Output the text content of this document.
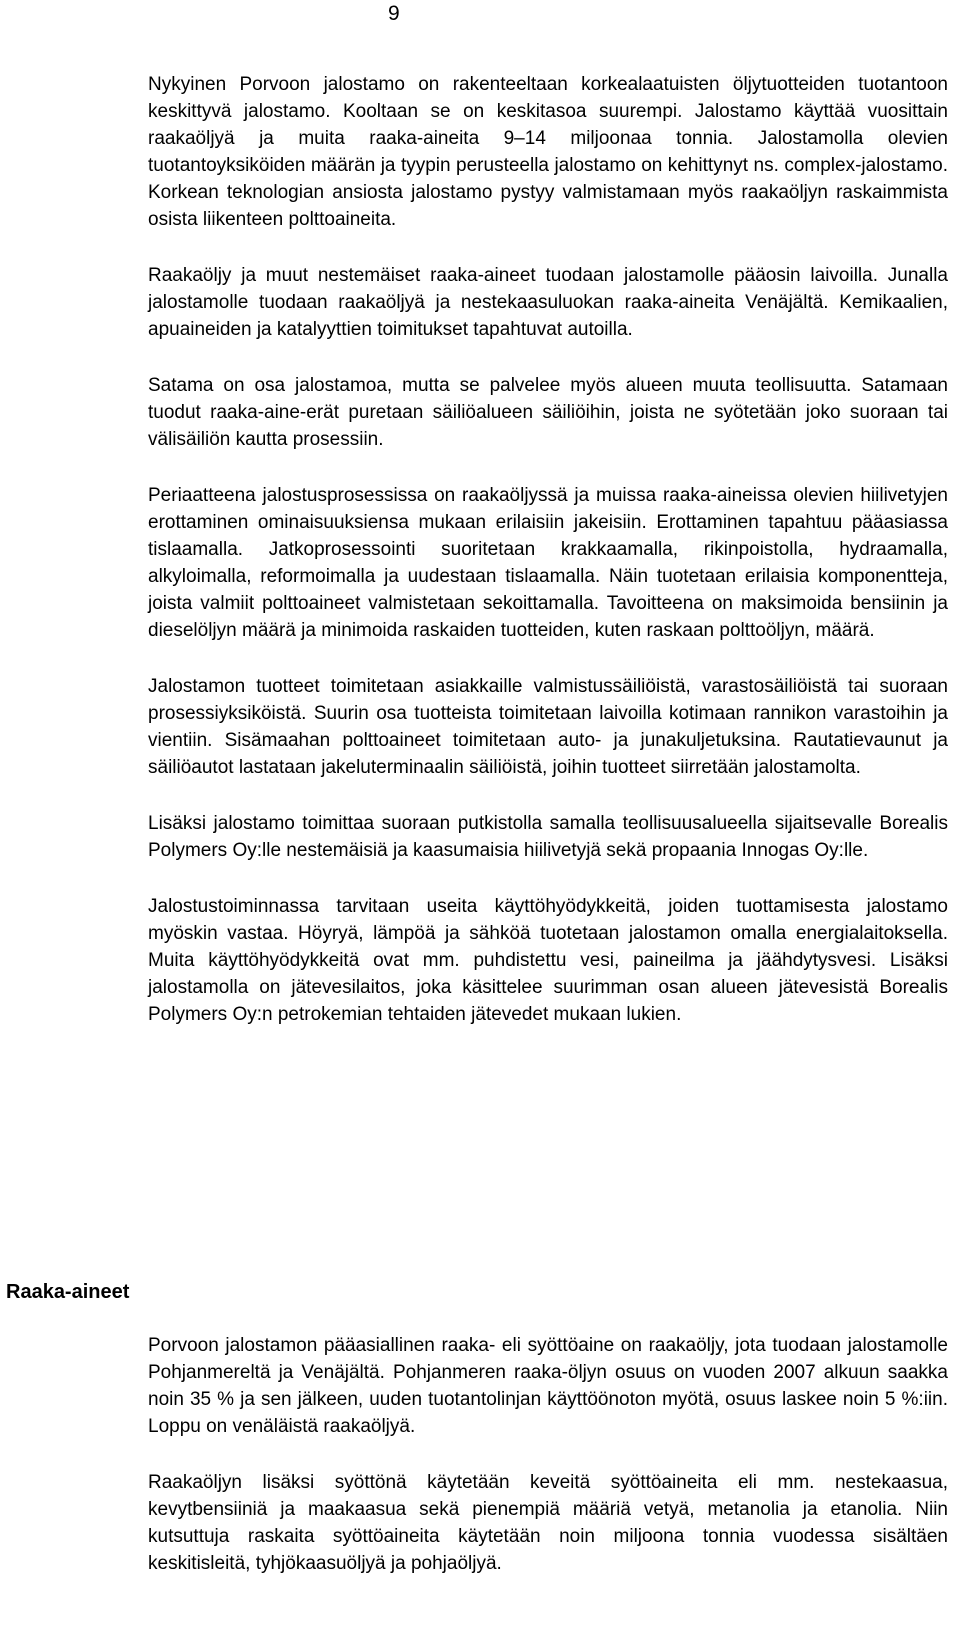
9

Nykyinen Porvoon jalostamo on rakenteeltaan korkealaatuisten öljytuotteiden tuotantoon keskittyvä jalostamo. Kooltaan se on keskitasoa suurempi. Jalostamo käyttää vuosittain raakaöljyä ja muita raaka-aineita 9–14 miljoonaa tonnia. Jalostamolla olevien tuotantoyksiköiden määrän ja tyypin perusteella jalostamo on kehittynyt ns. complex-jalostamo. Korkean teknologian ansiosta jalostamo pystyy valmistamaan myös raakaöljyn raskaimmista osista liikenteen polttoaineita.

Raakaöljy ja muut nestemäiset raaka-aineet tuodaan jalostamolle pääosin laivoilla. Junalla jalostamolle tuodaan raakaöljyä ja nestekaasuluokan raaka-aineita Venäjältä. Kemikaalien, apuaineiden ja katalyyttien toimitukset tapahtuvat autoilla.

Satama on osa jalostamoa, mutta se palvelee myös alueen muuta teollisuutta. Satamaan tuodut raaka-aine-erät puretaan säiliöalueen säiliöihin, joista ne syötetään joko suoraan tai välisäiliön kautta prosessiin.

Periaatteena jalostusprosessissa on raakaöljyssä ja muissa raaka-aineissa olevien hiilivetyjen erottaminen ominaisuuksiensa mukaan erilaisiin jakeisiin. Erottaminen tapahtuu pääasiassa tislaamalla. Jatkoprosessointi suoritetaan krakkaamalla, rikinpoistolla, hydraamalla, alkyloimalla, reformoimalla ja uudestaan tislaamalla. Näin tuotetaan erilaisia komponentteja, joista valmiit polttoaineet valmistetaan sekoittamalla. Tavoitteena on maksimoida bensiinin ja dieselöljyn määrä ja minimoida raskaiden tuotteiden, kuten raskaan polttoöljyn, määrä.

Jalostamon tuotteet toimitetaan asiakkaille valmistussäiliöistä, varastosäiliöistä tai suoraan prosessiyksiköistä. Suurin osa tuotteista toimitetaan laivoilla kotimaan rannikon varastoihin ja vientiin. Sisämaahan polttoaineet toimitetaan auto- ja junakuljetuksina. Rautatievaunut ja säiliöautot lastataan jakeluterminaalin säiliöistä, joihin tuotteet siirretään jalostamolta.

Lisäksi jalostamo toimittaa suoraan putkistolla samalla teollisuusalueella sijaitsevalle Borealis Polymers Oy:lle nestemäisiä ja kaasumaisia hiilivetyjä sekä propaania Innogas Oy:lle.

Jalostustoiminnassa tarvitaan useita käyttöhyödykkeitä, joiden tuottamisesta jalostamo myöskin vastaa. Höyryä, lämpöä ja sähköä tuotetaan jalostamon omalla energialaitoksella. Muita käyttöhyödykkeitä ovat mm. puhdistettu vesi, paineilma ja jäähdytysvesi. Lisäksi jalostamolla on jätevesilaitos, joka käsittelee suurimman osan alueen jätevesistä Borealis Polymers Oy:n petrokemian tehtaiden jätevedet mukaan lukien.

Raaka-aineet

Porvoon jalostamon pääasiallinen raaka- eli syöttöaine on raakaöljy, jota tuodaan jalostamolle Pohjanmereltä ja Venäjältä. Pohjanmeren raaka-öljyn osuus on vuoden 2007 alkuun saakka noin 35 % ja sen jälkeen, uuden tuotantolinjan käyttöönoton myötä, osuus laskee noin 5 %:iin. Loppu on venäläistä raakaöljyä.

Raakaöljyn lisäksi syöttönä käytetään keveitä syöttöaineita eli mm. nestekaasua, kevytbensiiniä ja maakaasua sekä pienempiä määriä vetyä, metanolia ja etanolia. Niin kutsuttuja raskaita syöttöaineita käytetään noin miljoona tonnia vuodessa sisältäen keskitisleitä, tyhjökaasuöljyä ja pohjaöljyä.
